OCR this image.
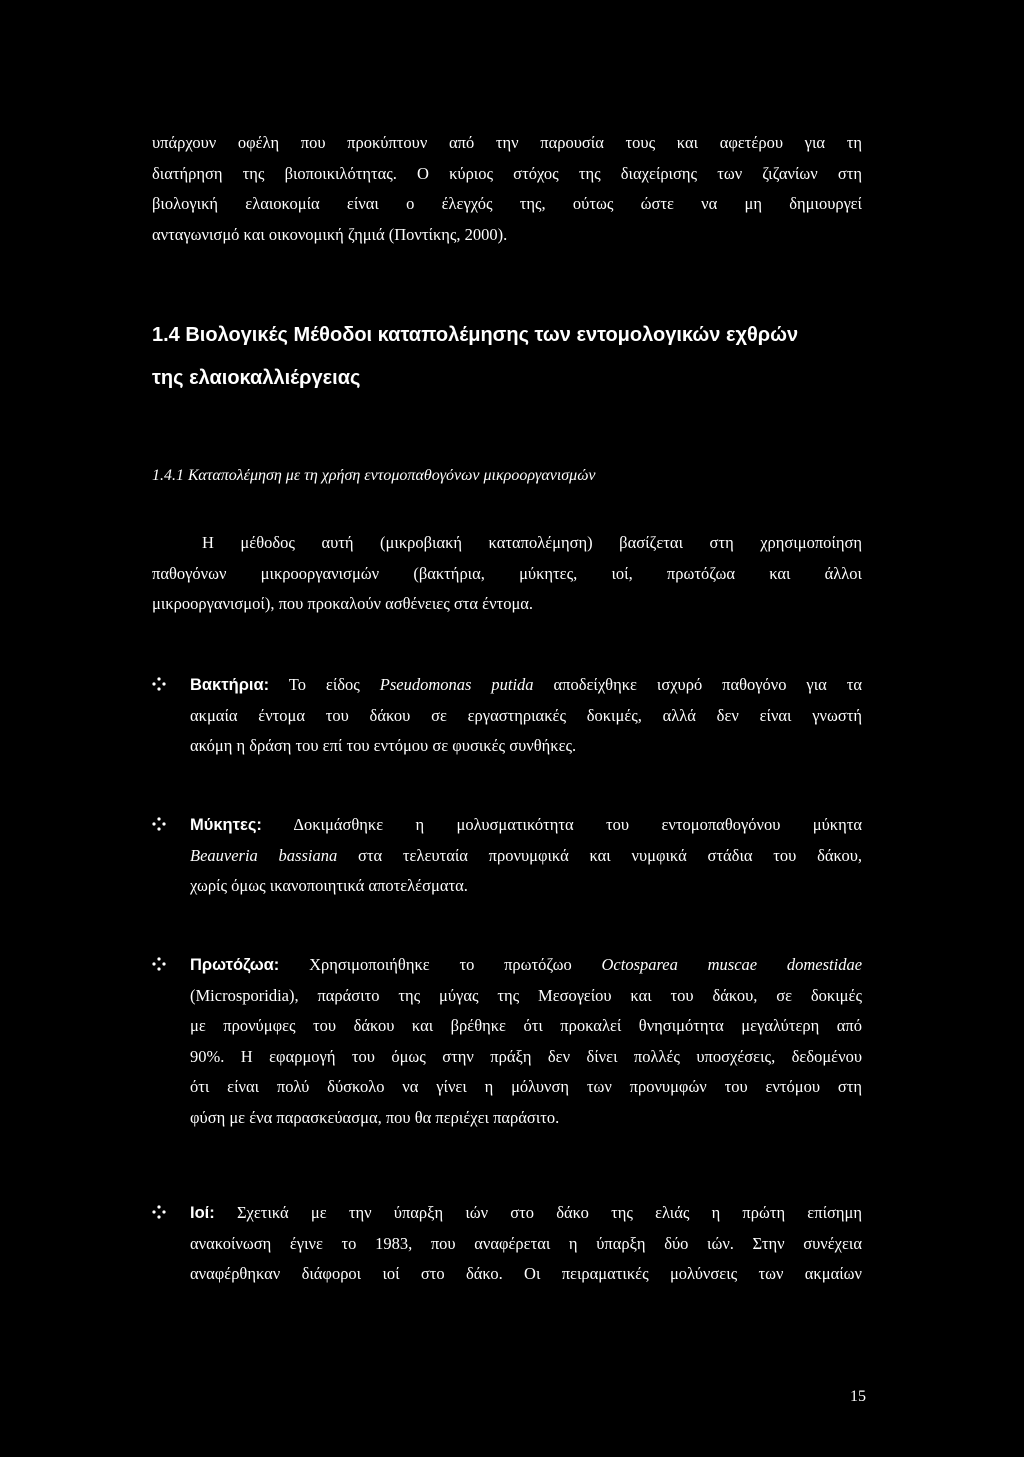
υπάρχουν οφέλη που προκύπτουν από την παρουσία τους και αφετέρου για τη
διατήρηση της βιοποικιλότητας. Ο κύριος στόχος της διαχείρισης των ζιζανίων στη
βιολογική ελαιοκομία είναι ο έλεγχός της, ούτως ώστε να μη δημιουργεί
ανταγωνισμό και οικονομική ζημιά (Ποντίκης, 2000).
1.4 Βιολογικές Μέθοδοι καταπολέμησης των εντομολογικών εχθρών
της ελαιοκαλλιέργειας
1.4.1 Καταπολέμηση με τη χρήση εντομοπαθογόνων μικροοργανισμών
Η μέθοδος αυτή (μικροβιακή καταπολέμηση) βασίζεται στη χρησιμοποίηση
παθογόνων μικροοργανισμών (βακτήρια, μύκητες, ιοί, πρωτόζωα και άλλοι
μικροοργανισμοί), που προκαλούν ασθένειες στα έντομα.
Βακτήρια: Το είδος Pseudomonas putida αποδείχθηκε ισχυρό παθογόνο για τα
ακμαία έντομα του δάκου σε εργαστηριακές δοκιμές, αλλά δεν είναι γνωστή
ακόμη η δράση του επί του εντόμου σε φυσικές συνθήκες.
Μύκητες: Δοκιμάσθηκε η μολυσματικότητα του εντομοπαθογόνου μύκητα
Beauveria bassiana στα τελευταία προνυμφικά και νυμφικά στάδια του δάκου,
χωρίς όμως ικανοποιητικά αποτελέσματα.
Πρωτόζωα: Χρησιμοποιήθηκε το πρωτόζωο Octosparea muscae domestidae
(Microsporidia), παράσιτο της μύγας της Μεσογείου και του δάκου, σε δοκιμές
με προνύμφες του δάκου και βρέθηκε ότι προκαλεί θνησιμότητα μεγαλύτερη από
90%. Η εφαρμογή του όμως στην πράξη δεν δίνει πολλές υποσχέσεις, δεδομένου
ότι είναι πολύ δύσκολο να γίνει η μόλυνση των προνυμφών του εντόμου στη
φύση με ένα παρασκεύασμα, που θα περιέχει παράσιτο.
Ιοί: Σχετικά με την ύπαρξη ιών στο δάκο της ελιάς η πρώτη επίσημη
ανακοίνωση έγινε το 1983, που αναφέρεται η ύπαρξη δύο ιών. Στην συνέχεια
αναφέρθηκαν διάφοροι ιοί στο δάκο. Οι πειραματικές μολύνσεις των ακμαίων
15
